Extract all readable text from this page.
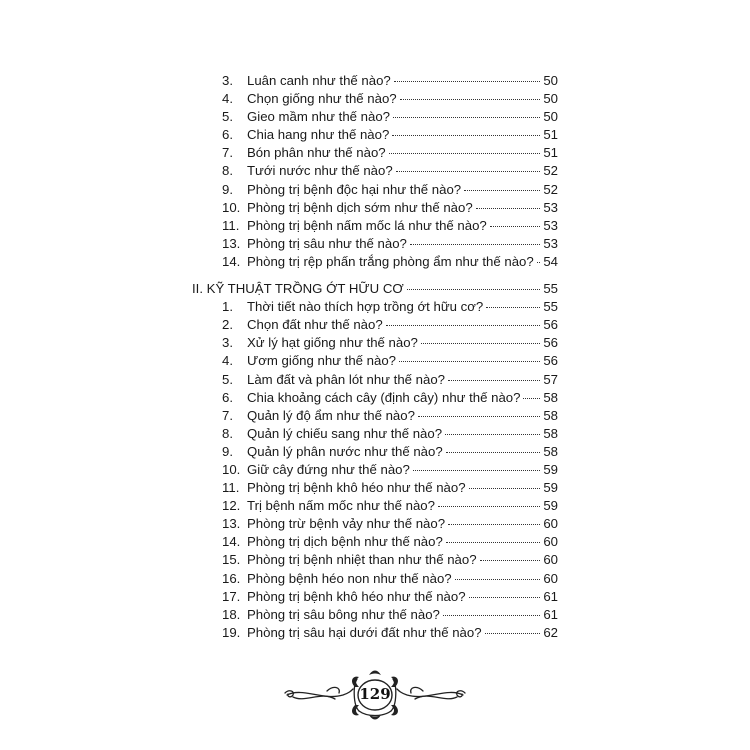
3.	Luân canh như thế nào?	50
4.	Chọn giống như thế nào?	50
5.	Gieo mầm như thế nào?	50
6.	Chia hang như thế nào?	51
7.	Bón phân như thế nào?	51
8.	Tưới nước như thế nào?	52
9.	Phòng trị bệnh độc hại như thế nào?	52
10. Phòng trị bệnh dịch sớm như thế nào?	53
11. Phòng trị bệnh nấm mốc lá như thế nào?	53
13. Phòng trị sâu như thế nào?	53
14. Phòng trị rệp phấn trắng phòng ẩm như thế nào? 54
II. KỸ THUẬT TRỒNG ỚT HỮU CƠ	55
1.	Thời tiết nào thích hợp trồng ớt hữu cơ?	55
2.	Chọn đất như thế nào?	56
3.	Xử lý hạt giống như thế nào?	56
4.	Ươm giống như thế nào?	56
5.	Làm đất và phân lót như thế nào?	57
6.	Chia khoảng cách cây (định cây) như thế nào? 58
7.	Quản lý độ ẩm như thế nào?	58
8.	Quản lý chiếu sang như thế nào?	58
9.	Quản lý phân nước như thế nào?	58
10. Giữ cây đứng như thế nào?	59
11. Phòng trị bệnh khô héo như thế nào?	59
12. Trị bệnh nấm mốc như thế nào?	59
13. Phòng trừ bệnh vảy như thế nào?	60
14. Phòng trị dịch bệnh như thế nào?	60
15. Phòng trị bệnh nhiệt than như thế nào?	60
16. Phòng bệnh héo non như thế nào?	60
17. Phòng trị bệnh khô héo như thế nào?	61
18. Phòng trị sâu bông như thế nào?	61
19. Phòng trị sâu hại dưới đất như thế nào?	62
129
